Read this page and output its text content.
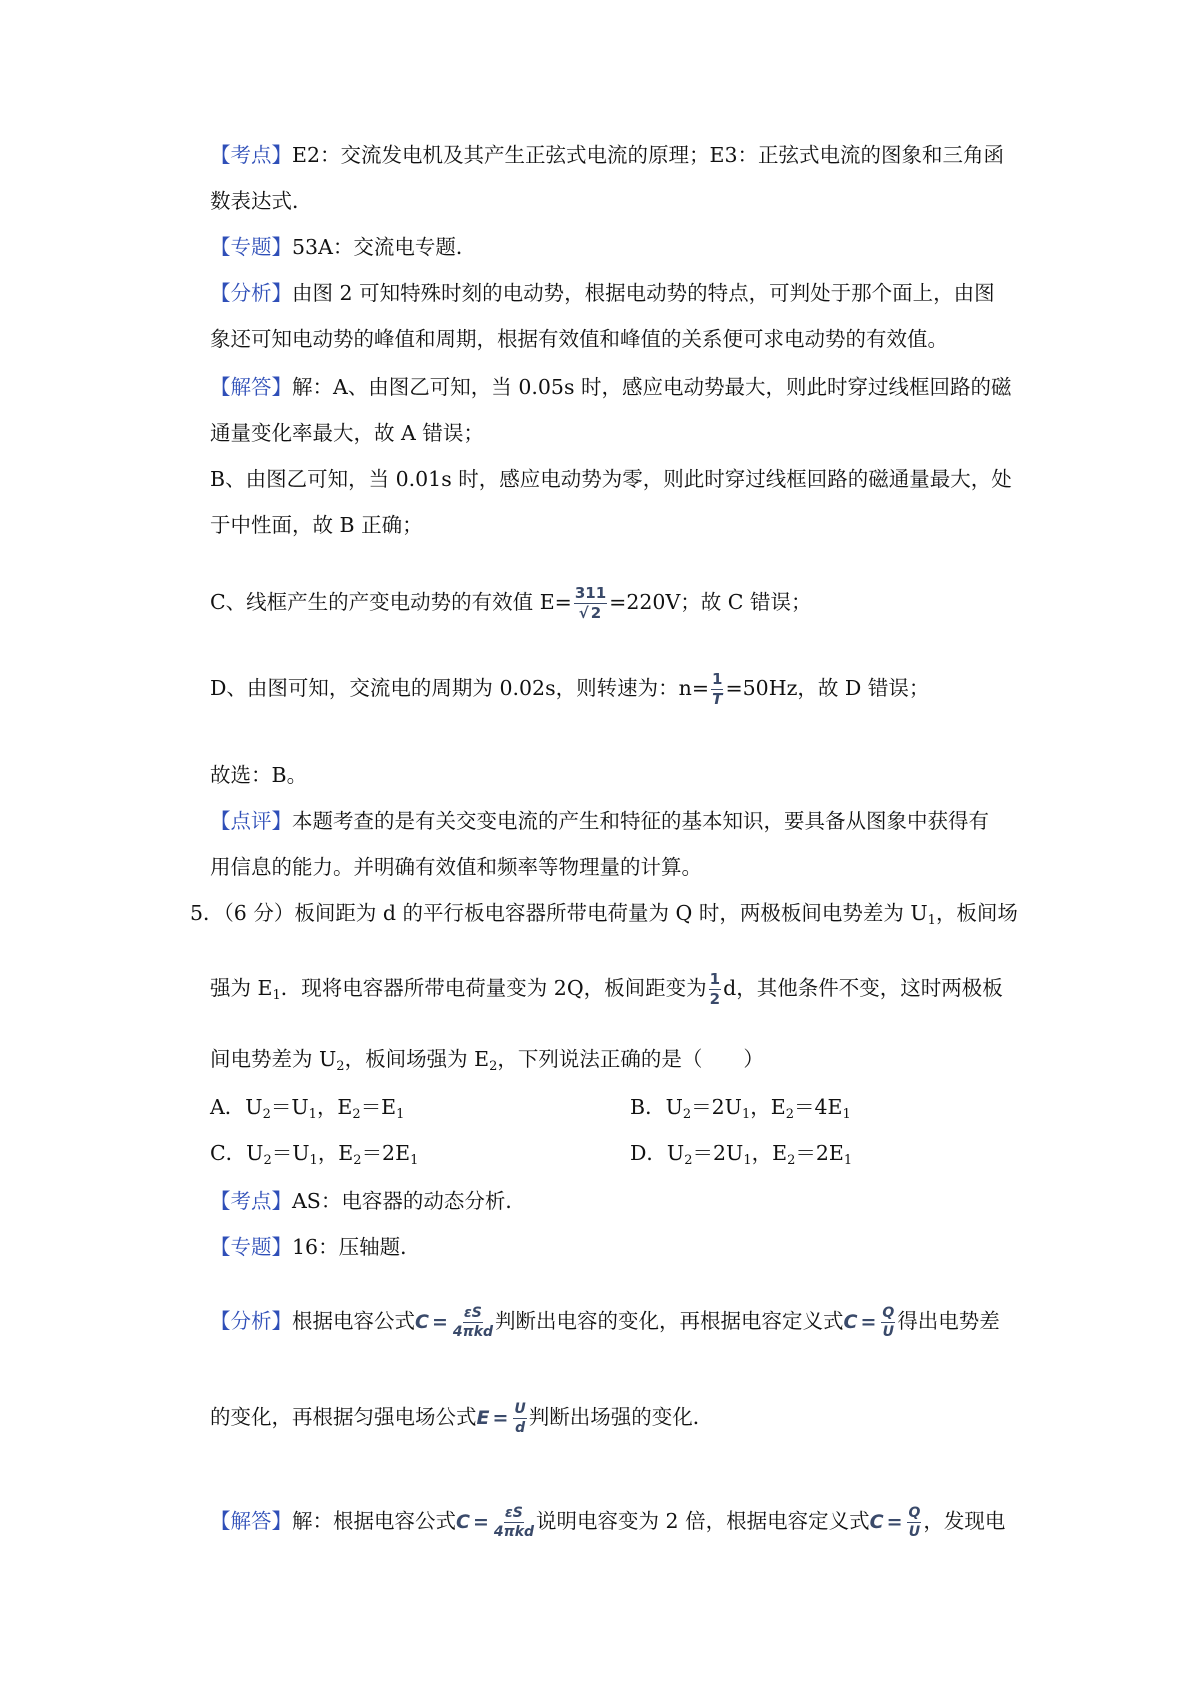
【考点】E2：交流发电机及其产生正弦式电流的原理；E3：正弦式电流的图象和三角函
数表达式．
【专题】53A：交流电专题．
【分析】由图 2 可知特殊时刻的电动势，根据电动势的特点，可判处于那个面上，由图
象还可知电动势的峰值和周期，根据有效值和峰值的关系便可求电动势的有效值。
【解答】解：A、由图乙可知，当 0.05s 时，感应电动势最大，则此时穿过线框回路的磁
通量变化率最大，故 A 错误；
B、由图乙可知，当 0.01s 时，感应电动势为零，则此时穿过线框回路的磁通量最大，处
于中性面，故 B 正确；
C、线框产生的产变电动势的有效值 $E= \frac{311}{√ 2} =220V$；故 C 错误；
D、由图可知，交流电的周期为 0.02s，则转速为：$n= \frac{1}{T} =50Hz$，故 D 错误；
故选：B。
【点评】本题考查的是有关交变电流的产生和特征的基本知识，要具备从图象中获得有
用信息的能力。并明确有效值和频率等物理量的计算。
5．（6 分）板间距为 d 的平行板电容器所带电荷量为 Q 时，两极板间电势差为 $U_1$，板间场
强为 $E_1$．现将电容器所带电荷量变为 2Q，板间距变为 $\frac{1}{2}$ d，其他条件不变，这时两极板
间电势差为 $U_2$，板间场强为 $E_2$，下列说法正确的是（　　）
A．$U_2=U_1$，$E_2=E_1$	B．$U_2=2U_1$，$E_2=4E_1$
C．$U_2=U_1$，$E_2=2E_1$	D．$U_2=2U_1$，$E_2=2E_1$
【考点】AS：电容器的动态分析．
【专题】16：压轴题．
【分析】根据电容公式$C = \frac{\varepsilon S}{\text{4πkd}}$ 判断出电容的变化，再根据电容定义式$C = \frac{Q}{U}$ 得出电势差
的变化，再根据匀强电场公式$E = \frac{U}{d}$ 判断出场强的变化．
【解答】解：根据电容公式$C = \frac{\varepsilon S}{\text{4πkd}}$ 说明电容变为 2 倍，根据电容定义式$C = \frac{Q}{U}$ ，发现电
